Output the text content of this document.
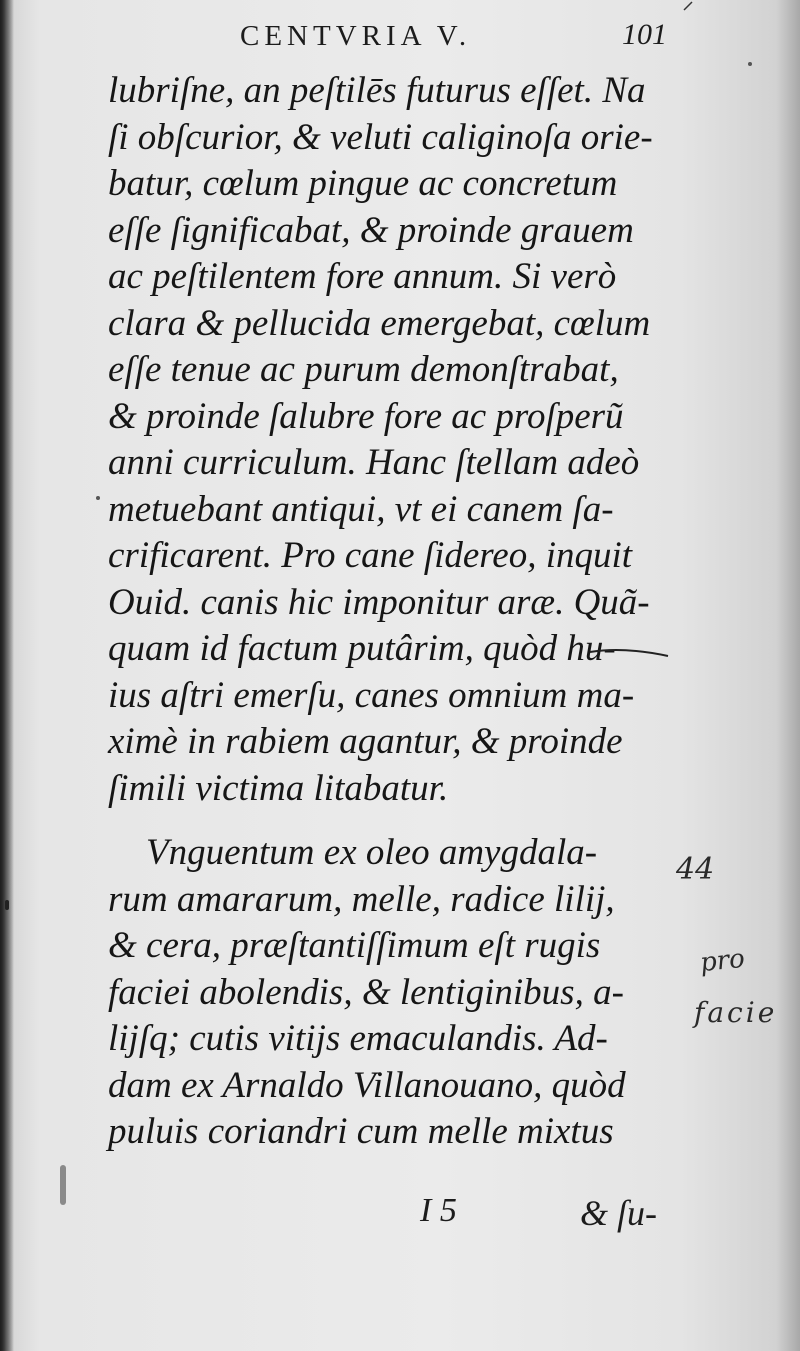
CENTVRIA V.	101
lubriſne, an peſtilēs futurus eſſet. Na
ſi obſcurior, & veluti caliginoſa orie-
batur, cœlum pingue ac concretum
eſſe ſignificabat, & proinde grauem
ac peſtilentem fore annum. Si verò
clara & pellucida emergebat, cœlum
eſſe tenue ac purum demonſtrabat,
& proinde ſalubre fore ac proſperũ
anni curriculum. Hanc ſtellam adeò
metuebant antiqui, vt ei canem ſa-
crificarent. Pro cane ſidereo, inquit
Ouid. canis hic imponitur aræ. Quã-
quam id factum putârim, quòd hu-
ius aſtri emerſu, canes omnium ma-
ximè in rabiem agantur, & proinde
ſimili victima litabatur.
Vnguentum ex oleo amygdala-
rum amararum, melle, radice lilij,
& cera, præſtantiſſimum eſt rugis
faciei abolendis, & lentiginibus, a-
lijſq; cutis vitijs emaculandis. Ad-
dam ex Arnaldo Villanouano, quòd
puluis coriandri cum melle mixtus
44
pro
facie
I 5	& ſu-
